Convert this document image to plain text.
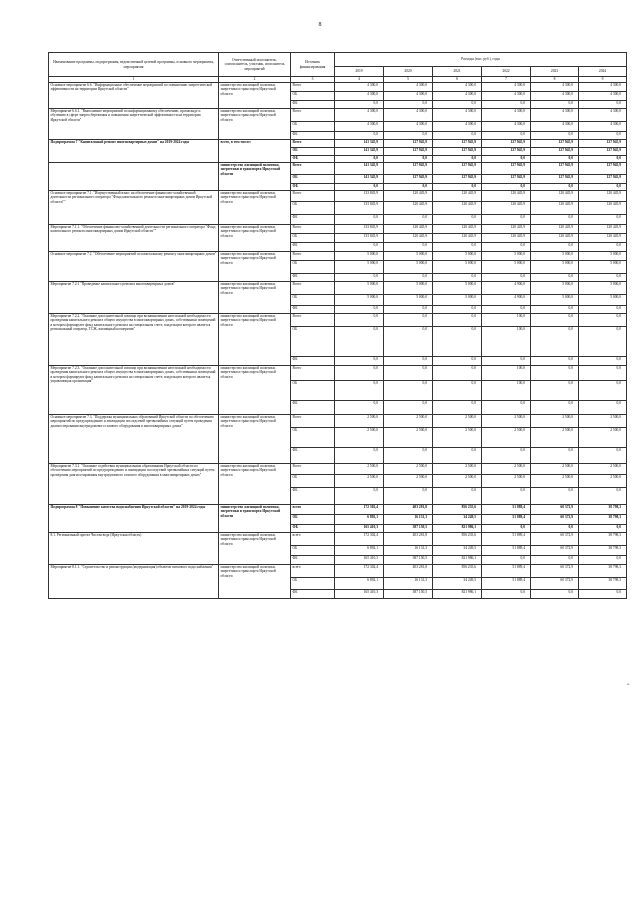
8
Наименование программы, подпрограммы, ведомственной целевой программы, основного мероприятия, мероприятия	Ответственный исполнитель, соисполнитель, участник, исполнитель мероприятий	Источник финансирования	Расходы (тыс. руб.), годы					
			2019	2020	2021	2022	2023	2024
1	2	3	4	5	6	7	8	9
Основное мероприятие 6.6. "Информационное обеспечение мероприятий по повышению энергетической эффективности на территории Иркутской области"	министерство жилищной политики, энергетики и транспорта Иркутской области	Всего	4 300,0	4 300,0	4 300,0	4 300,0	4 300,0	4 300,0
		ОБ	4 300,0	4 300,0	4 300,0	4 300,0	4 300,0	4 300,0
		ФБ	0,0	0,0	0,0	0,0	0,0	0,0
Мероприятие 6.6.1. "Выполнение мероприятий по информационному обеспечению, пропаганде и обучению в сфере энергосбережения и повышения энергетической эффективности на территории Иркутской области"	министерство жилищной политики, энергетики и транспорта Иркутской области	Всего	4 300,0	4 300,0	4 300,0	4 300,0	4 300,0	4 300,0
		ОБ	4 300,0	4 300,0	4 300,0	4 300,0	4 300,0	4 300,0
		ФБ	0,0	0,0	0,0	0,0	0,0	0,0
Подпрограмма 7 "Капитальный ремонт многоквартирных домов" на 2019-2024 годы	всего, в том числе:	Всего	141 345,9	127 945,9	127 945,9	127 945,9	127 945,9	127 945,9
		ОБ	141 345,9	127 945,9	127 945,9	127 945,9	127 945,9	127 945,9
		ФБ	0,0	0,0	0,0	0,0	0,0	0,0
	министерство жилищной политики, энергетики и транспорта Иркутской области	Всего	141 345,9	127 945,9	127 945,9	127 945,9	127 945,9	127 945,9
		ОБ	141 345,9	127 945,9	127 945,9	127 945,9	127 945,9	127 945,9
		ФБ	0,0	0,0	0,0	0,0	0,0	0,0
Основное мероприятие 7.1. "Имущественный взнос на обеспечение финансово-хозяйственной деятельности регионального оператора "Фонд капитального ремонта многоквартирных домов Иркутской области""	министерство жилищной политики, энергетики и транспорта Иркутской области	Всего	133 845,9	120 445,9	120 445,9	120 445,9	120 445,9	120 445,9
		ОБ	133 845,9	120 445,9	120 445,9	120 445,9	120 445,9	120 445,9
		ФБ	0,0	0,0	0,0	0,0	0,0	0,0
Мероприятие 7.1.1. "Обеспечение финансово-хозяйственной деятельности регионального оператора "Фонд капитального ремонта многоквартирных домов Иркутской области""	министерство жилищной политики, энергетики и транспорта Иркутской области	Всего	133 845,9	120 445,9	120 445,9	120 445,9	120 445,9	120 445,9
		ОБ	133 845,9	120 445,9	120 445,9	120 445,9	120 445,9	120 445,9
		ФБ	0,0	0,0	0,0	0,0	0,0	0,0
Основное мероприятие 7.2. "Обеспечение мероприятий по капитальному ремонту многоквартирных домов"	министерство жилищной политики, энергетики и транспорта Иркутской области	Всего	5 000,0	5 000,0	5 000,0	5 000,0	5 000,0	5 000,0
		ОБ	5 000,0	5 000,0	5 000,0	5 000,0	5 000,0	5 000,0
		ФБ	0,0	0,0	0,0	0,0	0,0	0,0
Мероприятие 7.2.1 "Проведение капитального ремонта многоквартирных домов"	министерство жилищной политики, энергетики и транспорта Иркутской области	Всего	5 000,0	5 000,0	5 000,0	4 900,0	5 000,0	5 000,0
		ОБ	5 000,0	5 000,0	5 000,0	4 900,0	5 000,0	5 000,0
		ФБ	0,0	0,0	0,0	0,0	0,0	0,0
Мероприятие 7.2.2. "Оказание дополнительной помощи при возникновении неотложной необходимости проведения капитального ремонта общего имущества в многоквартирных домах, собственники помещений в котором формируют фонд капитального ремонта на специальном счете, владельцем которого является региональный оператор, ТСЖ, жилищный кооператив"	министерство жилищной политики, энергетики и транспорта Иркутской области	Всего	0,0	0,0	0,0	100,0	0,0	0,0
		ОБ	0,0	0,0	0,0	100,0	0,0	0,0
		ФБ	0,0	0,0	0,0	0,0	0,0	0,0
Мероприятие 7.2.3. "Оказание дополнительной помощи при возникновении неотложной необходимости проведения капитального ремонта общего имущества в многоквартирных домах, собственники помещений в котором формируют фонд капитального ремонта на специальном счете, владельцем которого является управляющая организация"	министерство жилищной политики, энергетики и транспорта Иркутской области	Всего	0,0	0,0	0,0	100,0	0,0	0,0
		ОБ	0,0	0,0	0,0	100,0	0,0	0,0
		ФБ	0,0	0,0	0,0	0,0	0,0	0,0
Основное мероприятие 7.3. "Поддержка муниципальных образований Иркутской области по обеспечению мероприятий по предупреждению и ликвидации последствий чрезвычайных ситуаций путем проведения диагностирования внутридомового газового оборудования в многоквартирных домах"	министерство жилищной политики, энергетики и транспорта Иркутской области	Всего	2 500,0	2 500,0	2 500,0	2 500,0	2 500,0	2 500,0
		ОБ	2 500,0	2 500,0	2 500,0	2 500,0	2 500,0	2 500,0
		ФБ	0,0	0,0	0,0	0,0	0,0	0,0
Мероприятие 7.3.1. "Оказание содействия муниципальным образованиям Иркутской области по обеспечению мероприятий по предупреждению и ликвидации последствий чрезвычайных ситуаций путем проведения диагностирования внутридомового газового оборудования в многоквартирных домах"	министерство жилищной политики, энергетики и транспорта Иркутской области	Всего	2 500,0	2 500,0	2 500,0	2 500,0	2 500,0	2 500,0
		ОБ	2 500,0	2 500,0	2 500,0	2 500,0	2 500,0	2 500,0
		ФБ	0,0	0,0	0,0	0,0	0,0	0,0
Подпрограмма 8 "Повышение качества водоснабжения Иркутской области" на 2019-2024 годы	министерство жилищной политики, энергетики и транспорта Иркутской области	всего	172 302,4	403 281,8	856 235,6	51 889,4	60 372,9	38 798,3
		ОБ	6 892,1	16 131,3	34 249,5	51 889,4	60 372,9	38 798,3
		ФБ	165 410,3	387 150,5	821 986,1	0,0	0,0	0,0
8.1. Региональный проект Чистая вода (Иркутская область)	министерство жилищной политики, энергетики и транспорта Иркутской области	всего	172 302,4	403 281,8	856 235,6	51 889,4	60 372,9	38 798,3
		ОБ	6 892,1	16 131,3	34 249,5	51 889,4	60 372,9	38 798,3
		ФБ	165 410,3	387 150,5	821 986,1	0,0	0,0	0,0
Мероприятие 8.1.1. "Строительство и реконструкция (модернизация) объектов питьевого водоснабжения"	министерство жилищной политики, энергетики и транспорта Иркутской области	всего	172 302,4	403 281,8	856 235,6	51 889,4	60 372,9	38 798,3
		ОБ	6 892,1	16 131,3	34 249,5	51 889,4	60 372,9	38 798,3
		ФБ	165 410,3	387 150,5	821 986,1	0,0	0,0	0,0
».
